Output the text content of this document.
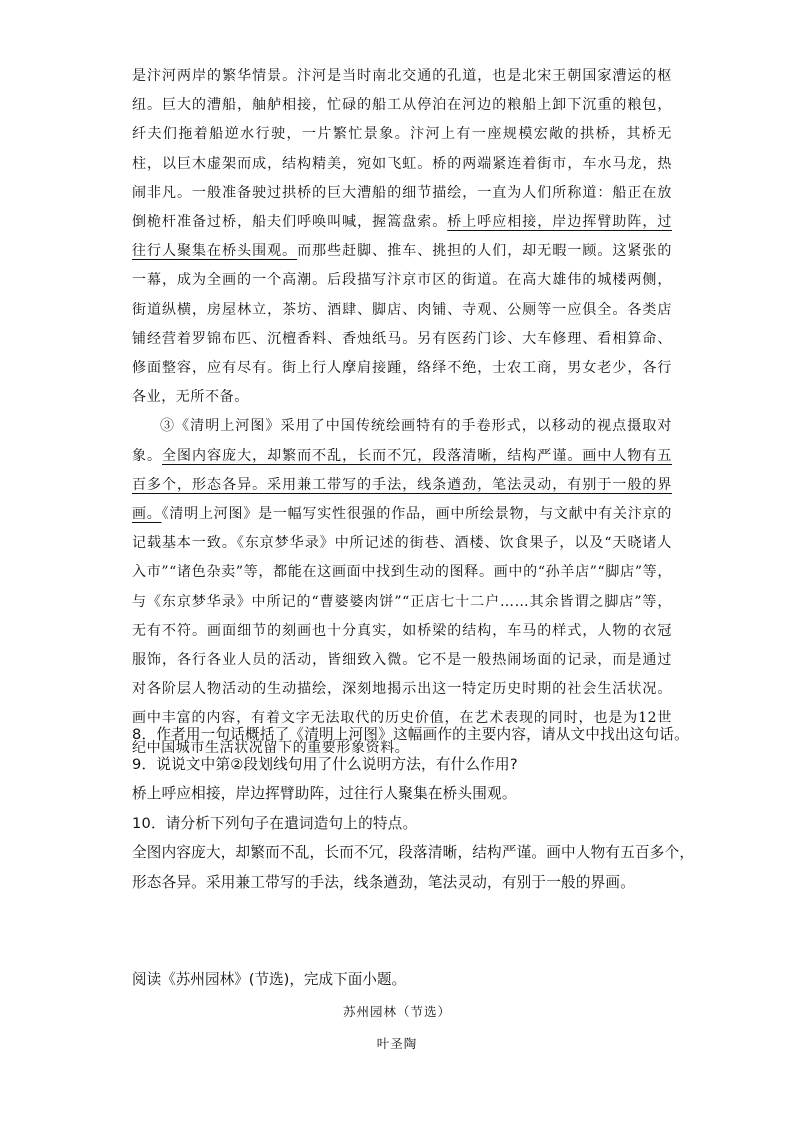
是汴河两岸的繁华情景。汴河是当时南北交通的孔道，也是北宋王朝国家漕运的枢纽。巨大的漕船，舳舻相接，忙碌的船工从停泊在河边的粮船上卸下沉重的粮包，纤夫们拖着船逆水行驶，一片繁忙景象。汴河上有一座规模宏敞的拱桥，其桥无柱，以巨木虚架而成，结构精美，宛如飞虹。桥的两端紧连着街市，车水马龙，热闹非凡。一般准备驶过拱桥的巨大漕船的细节描绘，一直为人们所称道：船正在放倒桅杆准备过桥，船夫们呼唤叫喊，握篙盘索。桥上呼应相接，岸边挥臂助阵，过往行人聚集在桥头围观。而那些赶脚、推车、挑担的人们，却无暇一顾。这紧张的一幕，成为全画的一个高潮。后段描写汴京市区的街道。在高大雄伟的城楼两侧，街道纵横，房屋林立，茶坊、酒肆、脚店、肉铺、寺观、公厕等一应俱全。各类店铺经营着罗锦布匹、沉檀香料、香烛纸马。另有医药门诊、大车修理、看相算命、修面整容，应有尽有。街上行人摩肩接踵，络绎不绝，士农工商，男女老少，各行各业，无所不备。

③《清明上河图》采用了中国传统绘画特有的手卷形式，以移动的视点摄取对象。全图内容庞大，却繁而不乱，长而不冗，段落清晰，结构严谨。画中人物有五百多个，形态各异。采用兼工带写的手法，线条遒劲，笔法灵动，有别于一般的界画。《清明上河图》是一幅写实性很强的作品，画中所绘景物，与文献中有关汴京的记载基本一致。《东京梦华录》中所记述的街巷、酒楼、饮食果子，以及“天晓诸人入市”“诸色杂卖”等，都能在这画面中找到生动的图释。画中的“孙羊店”“脚店”等，与《东京梦华录》中所记的“曹婆婆肉饼”“正店七十二户……其余皆谓之脚店”等，无有不符。画面细节的刻画也十分真实，如桥梁的结构，车马的样式，人物的衣冠服饰，各行各业人员的活动，皆细致入微。它不是一般热闹场面的记录，而是通过对各阶层人物活动的生动描绘，深刻地揭示出这一特定历史时期的社会生活状况。画中丰富的内容，有着文字无法取代的历史价值，在艺术表现的同时，也是为12世纪中国城市生活状况留下的重要形象资料。

8．作者用一句话概括了《清明上河图》这幅画作的主要内容，请从文中找出这句话。
9．说说文中第②段划线句用了什么说明方法，有什么作用?
桥上呼应相接，岸边挥臂助阵，过往行人聚集在桥头围观。
10．请分析下列句子在遣词造句上的特点。
全图内容庞大，却繁而不乱，长而不冗，段落清晰，结构严谨。画中人物有五百多个，
形态各异。采用兼工带写的手法，线条遒劲，笔法灵动，有别于一般的界画。
阅读《苏州园林》(节选)，完成下面小题。
苏州园林（节选）
叶圣陶
